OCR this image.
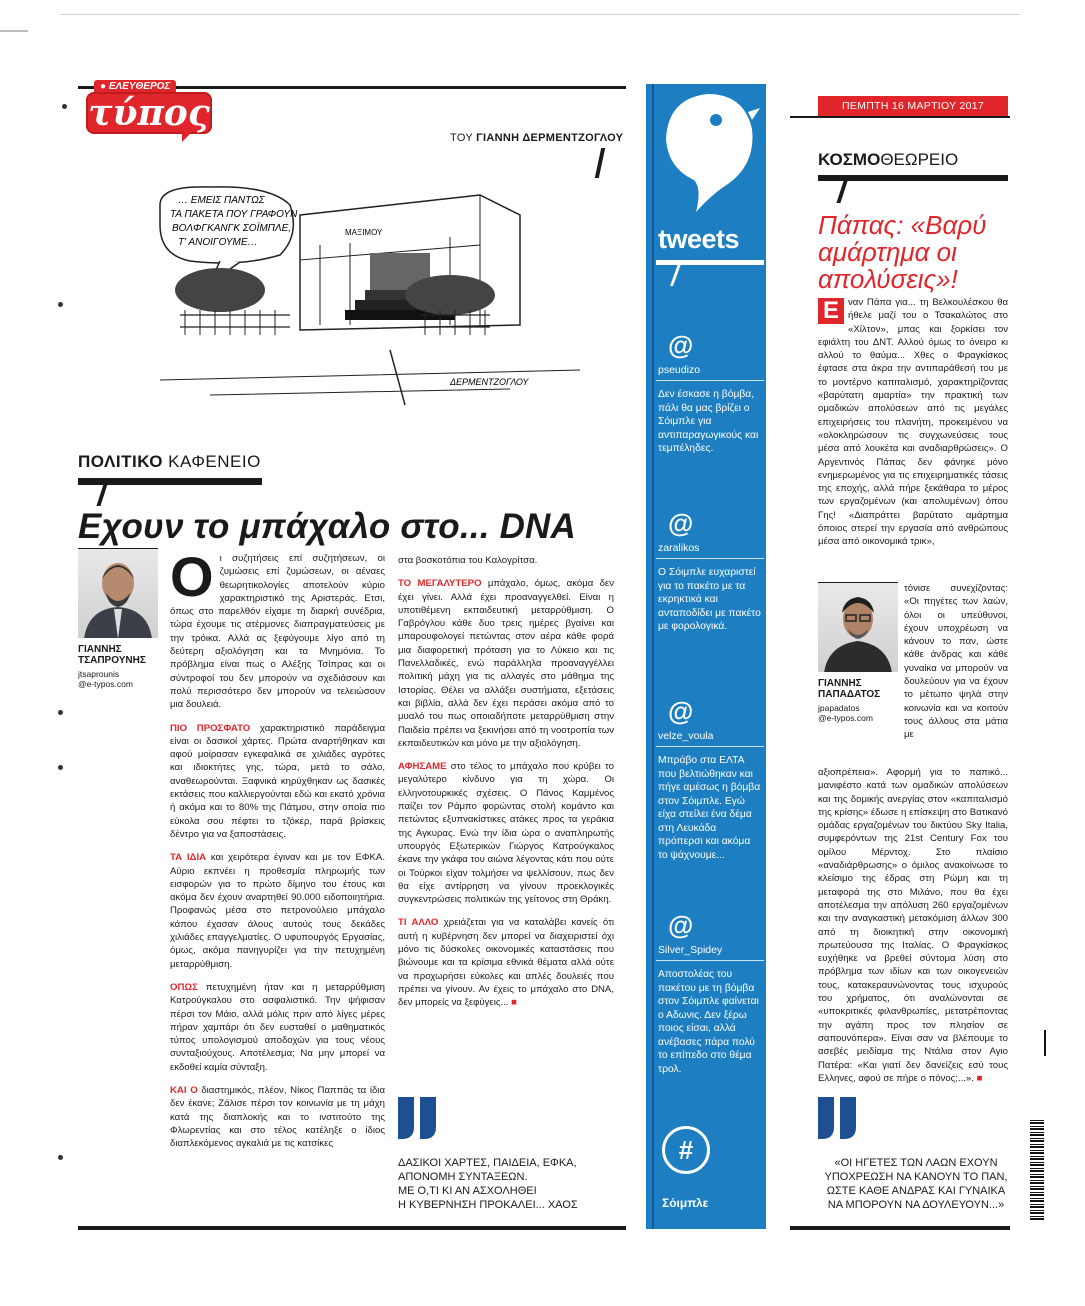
● ΕΛΕΥΘΕΡΟΣ
τύπος
ΤΟΥ ΓΙΑΝΝΗ ΔΕΡΜΕΝΤΖΟΓΛΟΥ
… ΕΜΕΙΣ ΠΑΝΤΩΣ
ΤΑ ΠΑΚΕΤΑ ΠΟΥ ΓΡΑΦΟΥΝ
ΒΟΛΦΓΚΑΝΓΚ ΣΟΪΜΠΛΕ,
Τ' ΑΝΟΙΓΟΥΜΕ…
ΜΑΞΙΜΟΥ
ΔΕΡΜΕΝΤΖΟΓΛΟΥ
ΠΟΛΙΤΙΚΟ ΚΑΦΕΝΕΙΟ
Εχουν το μπάχαλο στο... DNA
ΓΙΑΝΝΗΣ
ΤΣΑΠΡΟΥΝΗΣ
jtsaprounis
@e-typos.com

Οι συζητήσεις επί συζητήσεων, οι ζυμώσεις επί ζυμώσεων, οι αέναες θεωρητικολογίες αποτελούν κύριο χαρακτηριστικό της Αριστεράς. Ετσι, όπως στο παρελθόν είχαμε τη διαρκή συνέδρια, τώρα έχουμε τις ατέρμονες διαπραγματεύσεις με την τρόικα. Αλλά ας ξεφύγουμε λίγο από τη δεύτερη αξιολόγηση και τα Μνημόνια. Το πρόβλημα είναι πως ο Αλέξης Τσίπρας και οι σύντροφοί του δεν μπορούν να σχεδιάσουν και πολύ περισσότερο δεν μπορούν να τελειώσουν μια δουλειά.

ΠΙΟ ΠΡΟΣΦΑΤΟ χαρακτηριστικό παράδειγμα είναι οι δασικοί χάρτες. Πρώτα αναρτήθηκαν και αφού μοίρασαν εγκεφαλικά σε χιλιάδες αγρότες και ιδιοκτήτες γης, τώρα, μετά το σάλο, αναθεωρούνται. Ξαφνικά κηρύχθηκαν ως δασικές εκτάσεις που καλλιεργούνται εδώ και εκατό χρόνια ή ακόμα και το 80% της Πάτμου, στην οποία πιο εύκολα σου πέφτει το τζόκερ, παρά βρίσκεις δέντρο για να ξαποστάσεις.

ΤΑ ΙΔΙΑ και χειρότερα έγιναν και με τον ΕΦΚΑ. Αύριο εκπνέει η προθεσμία πληρωμής των εισφορών για το πρώτο δίμηνο του έτους και ακόμα δεν έχουν αναρτηθεί 90.000 ειδοποιητήρια. Προφανώς μέσα στο πετρονούλειο μπάχαλο κάπου έχασαν άλους αυτούς τους δεκάδες χιλιάδες επαγγελματίες. Ο υφυπουργός Εργασίας, όμως, ακόμα πανηγυρίζει για την πετυχημένη μεταρρύθμιση.

ΟΠΩΣ πετυχημένη ήταν και η μεταρρύθμιση Κατρούγκαλου στο ασφαλιστικό. Την ψήφισαν πέρσι τον Μάιο, αλλά μόλις πριν από λίγες μέρες πήραν χαμπάρι ότι δεν ευσταθεί ο μαθηματικός τύπος υπολογισμού αποδοχών για τους νέους συνταξιούχους. Αποτέλεσμα; Να μην μπορεί να εκδοθεί καμία σύνταξη.

ΚΑΙ Ο διαστημικός, πλέον, Νίκος Παππάς τα ίδια δεν έκανε; Ζάλισε πέρσι τον κοινωνία με τη μάχη κατά της διαπλοκής και το ινστιτούτο της Φλωρεντίας και στο τέλος κατέληξε ο ίδιος διαπλεκόμενος αγκαλιά με τις κατσίκες

στα βοσκοτόπια του Καλογρίτσα.

ΤΟ ΜΕΓΑΛΥΤΕΡΟ μπάχαλο, όμως, ακόμα δεν έχει γίνει. Αλλά έχει προαναγγελθεί. Είναι η υποτιθέμενη εκπαιδευτική μεταρρύθμιση. Ο Γαβρόγλου κάθε δυο τρεις ημέρες βγαίνει και μπαρουφολογεί πετώντας στον αέρα κάθε φορά μια διαφορετική πρόταση για το Λύκειο και τις Πανελλαδικές, ενώ παράλληλα προαναγγέλλει πολιτική μάχη για τις αλλαγές στο μάθημα της Ιστορίας. Θέλει να αλλάξει συστήματα, εξετάσεις και βιβλία, αλλά δεν έχει περάσει ακόμα από το μυαλό του πως οποιαδήποτε μεταρρύθμιση στην Παιδεία πρέπει να ξεκινήσει από τη νοοτροπία των εκπαιδευτικών και μόνο με την αξιολόγηση.

ΑΦΗΣΑΜΕ στο τέλος το μπάχαλο που κρύβει το μεγαλύτερο κίνδυνο για τη χώρα. Οι ελληνοτουρκικές σχέσεις. Ο Πάνος Καμμένος παίζει τον Ράμπο φορώντας στολή κομάντο και πετώντας εξυπνακίστικες ατάκες προς τα γεράκια της Αγκυρας. Ενώ την ίδια ώρα ο αναπληρωτής υπουργός Εξωτερικών Γιώργος Κατρούγκαλος έκανε την γκάφα του αιώνα λέγοντας κάτι που ούτε οι Τούρκοι είχαν τολμήσει να ψελλίσουν, πως δεν θα είχε αντίρρηση να γίνουν προεκλογικές συγκεντρώσεις πολιτικών της γείτονος στη Θράκη.

ΤΙ ΑΛΛΟ χρειάζεται για να καταλάβει κανείς ότι αυτή η κυβέρνηση δεν μπορεί να διαχειριστεί όχι μόνο τις δύσκολες οικονομικές καταστάσεις που βιώνουμε και τα κρίσιμα εθνικά θέματα αλλά ούτε να προχωρήσει εύκολες και απλές δουλειές που πρέπει να γίνουν. Αν έχεις το μπάχαλο στο DNA, δεν μπορείς να ξεφύγεις... ■

ΔΑΣΙΚΟΙ ΧΑΡΤΕΣ, ΠΑΙΔΕΙΑ, ΕΦΚΑ,
ΑΠΟΝΟΜΗ ΣΥΝΤΑΞΕΩΝ.
ΜΕ Ο,ΤΙ ΚΙ ΑΝ ΑΣΧΟΛΗΘΕΙ
Η ΚΥΒΕΡΝΗΣΗ ΠΡΟΚΑΛΕΙ... ΧΑΟΣ
tweets
@
pseudizo
Δεν έσκασε η βόμβα, πάλι θα μας βρίζει ο Σόιμπλε για αντιπαραγωγικούς και τεμπέληδες.
@
zaralikos
Ο Σόιμπλε ευχαριστεί για το πακέτο με τα εκρηκτικά και ανταποδίδει με πακέτο με φορολογικά.
@
velze_voula
Μπράβο στα ΕΛΤΑ που βελτιώθηκαν και πήγε αμέσως η βόμβα στον Σόιμπλε. Εγώ είχα στείλει ένα δέμα στη Λευκάδα πρόπερσι και ακόμα το ψάχνουμε...
@
Silver_Spidey
Αποστολέας του πακέτου με τη βόμβα στον Σόιμπλε φαίνεται ο Αδωνις. Δεν ξέρω ποιος είσαι, αλλά ανέβασες πάρα πολύ το επίπεδο στο θέμα τρολ.
#
Σόιμπλε
ΠΕΜΠΤΗ 16 ΜΑΡΤΙΟΥ 2017
ΚΟΣΜΟΘΕΩΡΕΙΟ
Πάπας: «Βαρύ αμάρτημα οι απολύσεις»!
Ε ναν Πάπα για... τη Βελκουλέσκου θα ήθελε μαζί του ο Τσακαλώτος στο «Χίλτον», μπας και ξορκίσει τον εφιάλτη του ΔΝΤ. Αλλού όμως το όνειρο κι αλλού το θαύμα... Χθες ο Φραγκίσκος έφτασε στα άκρα την αντιπαράθεσή του με το μοντέρνο καπιταλισμό, χαρακτηρίζοντας «βαρύτατη αμαρτία» την πρακτική των ομαδικών απολύσεων από τις μεγάλες επιχειρήσεις του πλανήτη, προκειμένου να «ολοκληρώσουν τις συγχωνεύσεις τους μέσα από λουκέτα και αναδιαρθρώσεις». Ο Αργεντινός Πάπας δεν φάνηκε μόνο ενημερωμένος για τις επιχειρηματικές τάσεις της εποχής, αλλά πήρε ξεκάθαρα το μέρος των εργαζομένων (και απολυμένων) όπου Γης! «Διαπράττει βαρύτατο αμάρτημα όποιος στερεί την εργασία από ανθρώπους μέσα από οικονομικά τρικ»,
ΓΙΑΝΝΗΣ
ΠΑΠΑΔΑΤΟΣ
jpapadatos
@e-typos.com
τόνισε συνεχίζοντας: «Οι πηγέτες των λαών, όλοι οι υπεύθυνοι, έχουν υποχρέωση να κάνουν το παν, ώστε κάθε άνδρας και κάθε γυναίκα να μπορούν να δουλεύουν για να έχουν το μέτωπο ψηλά στην κοινωνία και να κοιτούν τους άλλους στα μάτια με
αξιοπρέπεια». Αφορμή για το παπικό... μανιφέστο κατά των ομαδικών απολύσεων και της δομικής ανεργίας στον «καπιταλισμό της κρίσης» έδωσε η επίσκεψη στο Βατικανό ομάδας εργαζομένων του δικτύου Sky Italia, συμφερόντων της 21st Century Fox του ομίλου Μέρντοχ. Στο πλαίσιο «αναδιάρθρωσης» ο όμιλος ανακοίνωσε το κλείσιμο της έδρας στη Ρώμη και τη μεταφορά της στο Μιλάνο, που θα έχει αποτέλεσμα την απόλυση 260 εργαζομένων και την αναγκαστική μετακόμιση άλλων 300 από τη διοικητική στην οικονομική πρωτεύουσα της Ιταλίας. Ο Φραγκίσκος ευχήθηκε να βρεθεί σύντομα λύση στο πρόβλημα των ιδίων και των οικογενειών τους, κατακεραυνώνοντας τους ισχυρούς του χρήματος, ότι αναλώνονται σε «υποκριτικές φιλανθρωπίες, μετατρέποντας την αγάπη προς τον πλησίον σε σαπουνόπερα». Είναι σαν να βλέπουμε το ασεβές μειδίαμα της Ντάλια στον Αγιο Πατέρα: «Και γιατί δεν δανείζεις εσύ τους Ελληνες, αφού σε πήρε ο πόνος;...». ■
«ΟΙ ΗΓΕΤΕΣ ΤΩΝ ΛΑΩΝ ΕΧΟΥΝ ΥΠΟΧΡΕΩΣΗ ΝΑ ΚΑΝΟΥΝ ΤΟ ΠΑΝ, ΩΣΤΕ ΚΑΘΕ ΑΝΔΡΑΣ ΚΑΙ ΓΥΝΑΙΚΑ ΝΑ ΜΠΟΡΟΥΝ ΝΑ ΔΟΥΛΕΥΟΥΝ...»
